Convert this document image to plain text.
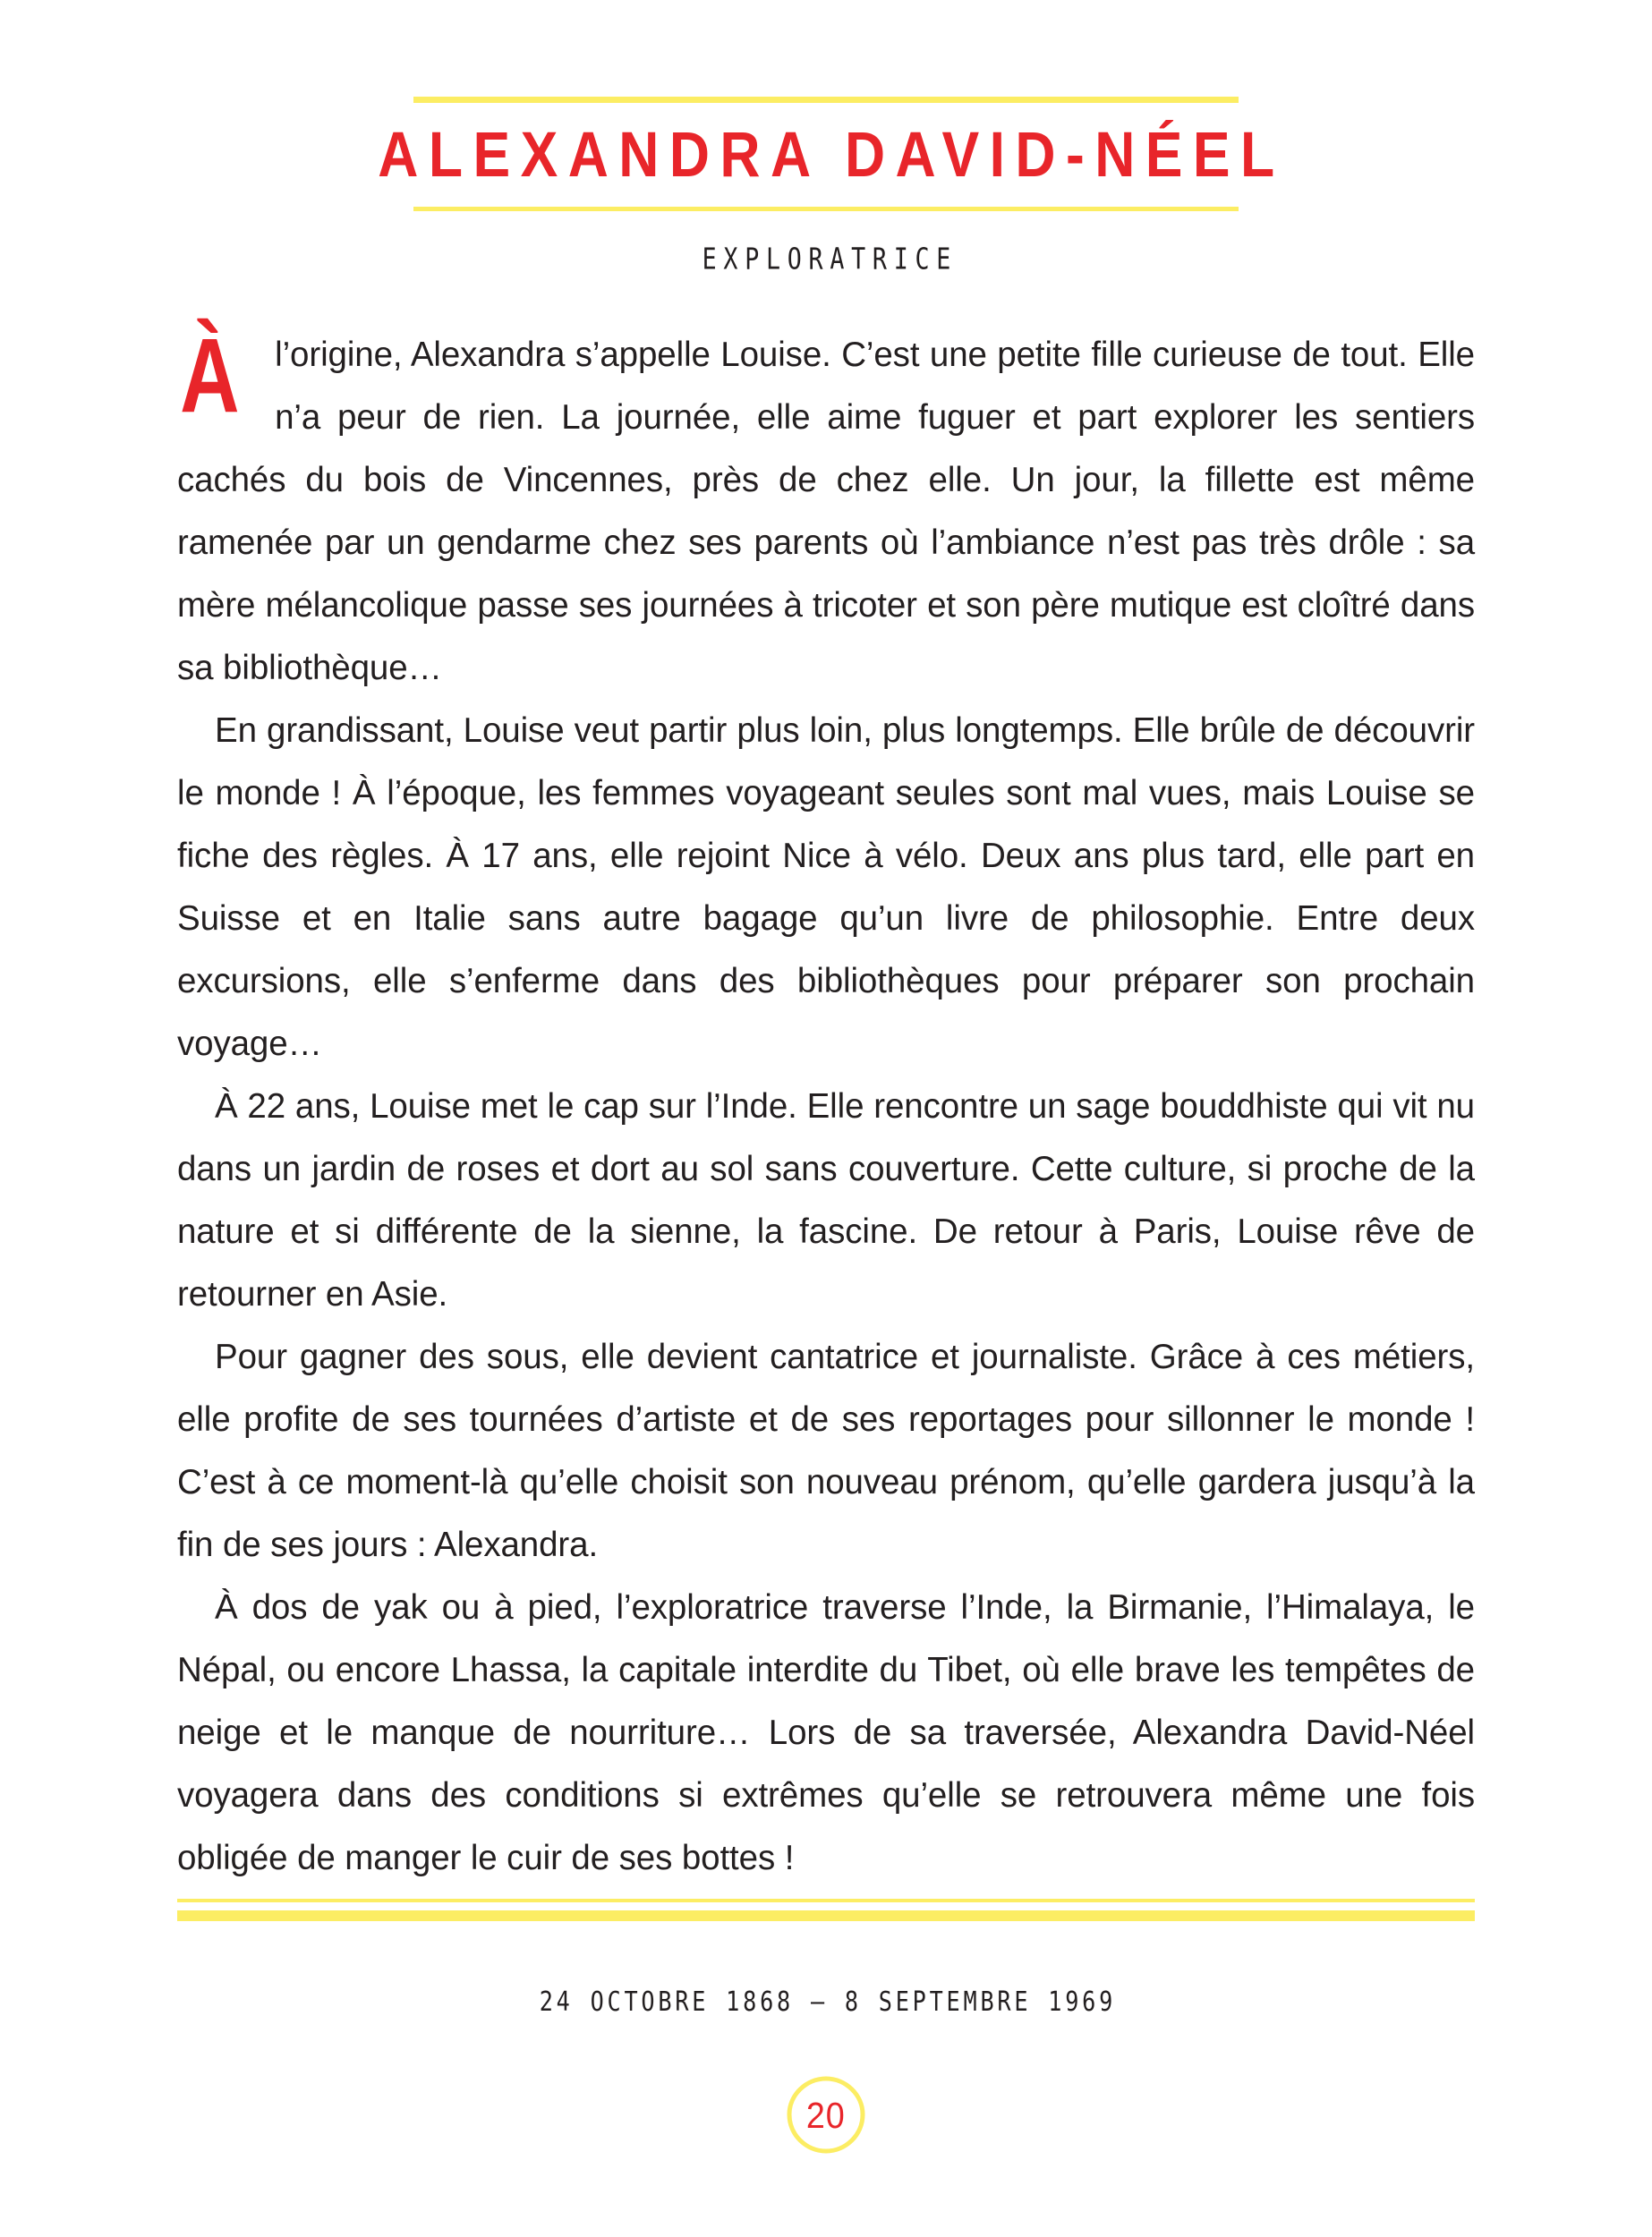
ALEXANDRA DAVID-NÉEL
EXPLORATRICE

À	l’origine, Alexandra s’appelle Louise. C’est une petite fille curieuse de tout. Elle n’a peur de rien. La journée, elle aime fuguer et part explorer les sentiers cachés du bois de Vincennes, près de chez elle. Un jour, la fillette est même ramenée par un gendarme chez ses parents où l’ambiance n’est pas très drôle : sa mère mélancolique passe ses journées à tricoter et son père mutique est cloîtré dans sa bibliothèque…

En grandissant, Louise veut partir plus loin, plus longtemps. Elle brûle de découvrir le monde ! À l’époque, les femmes voyageant seules sont mal vues, mais Louise se fiche des règles. À 17 ans, elle rejoint Nice à vélo. Deux ans plus tard, elle part en Suisse et en Italie sans autre bagage qu’un livre de philosophie. Entre deux excursions, elle s’enferme dans des bibliothèques pour préparer son prochain voyage…

À 22 ans, Louise met le cap sur l’Inde. Elle rencontre un sage bouddhiste qui vit nu dans un jardin de roses et dort au sol sans couverture. Cette culture, si proche de la nature et si différente de la sienne, la fascine. De retour à Paris, Louise rêve de retourner en Asie.

Pour gagner des sous, elle devient cantatrice et journaliste. Grâce à ces métiers, elle profite de ses tournées d’artiste et de ses reportages pour sillonner le monde ! C’est à ce moment-là qu’elle choisit son nouveau prénom, qu’elle gardera jusqu’à la fin de ses jours : Alexandra.

À dos de yak ou à pied, l’exploratrice traverse l’Inde, la Birmanie, l’Himalaya, le Népal, ou encore Lhassa, la capitale interdite du Tibet, où elle brave les tempêtes de neige et le manque de nourriture… Lors de sa traversée, Alexandra David-Néel voyagera dans des conditions si extrêmes qu’elle se retrouvera même une fois obligée de manger le cuir de ses bottes !

24 OCTOBRE 1868 – 8 SEPTEMBRE 1969
20
